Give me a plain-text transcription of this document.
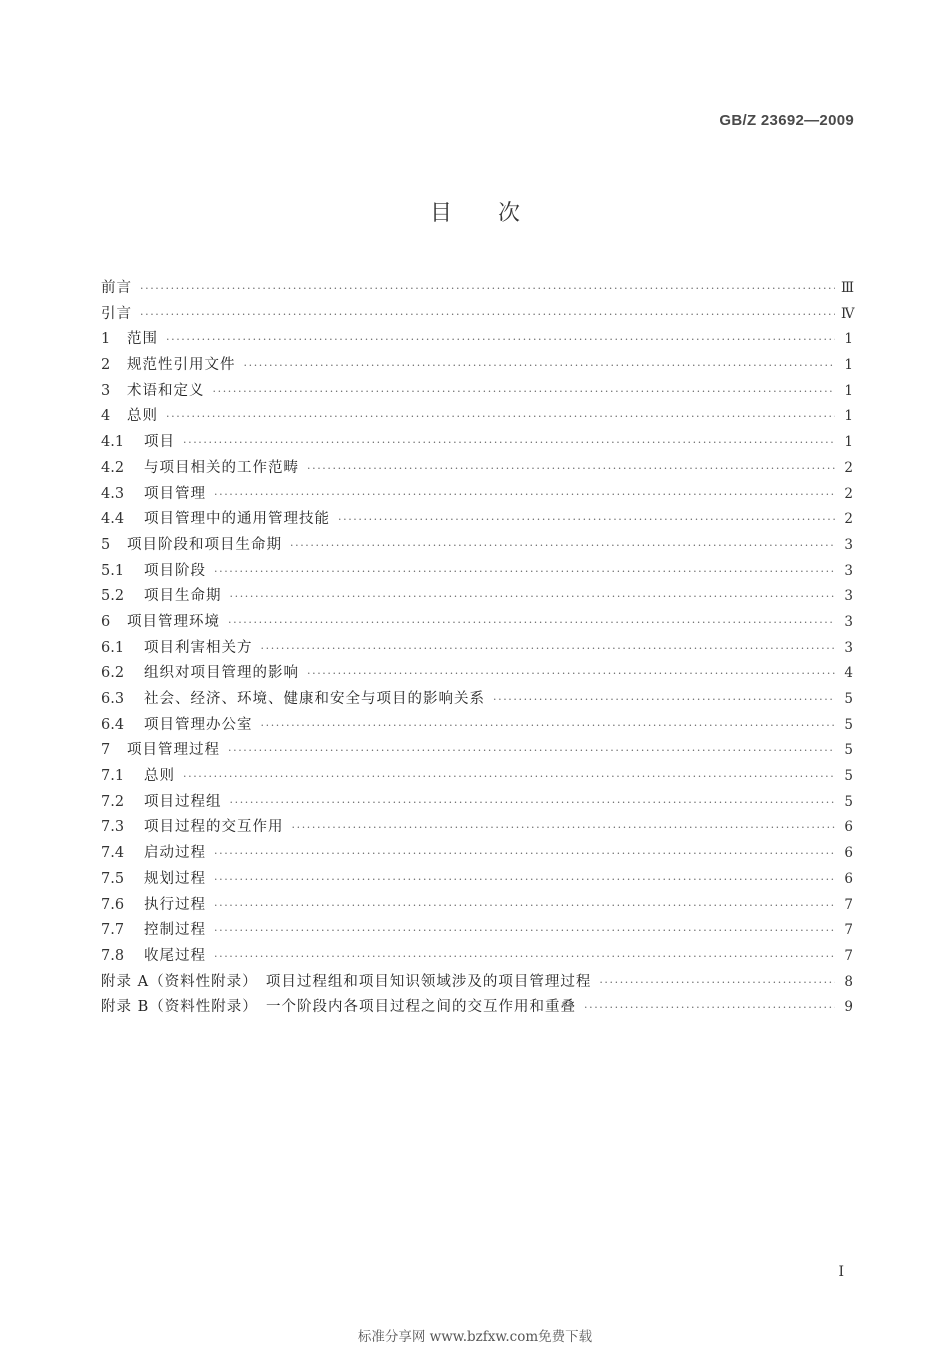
GB/Z 23692—2009
目次
前言 ·····	Ⅲ
引言 ·····	Ⅳ
1	范围 ·····	1
2	规范性引用文件 ·····	1
3	术语和定义 ·····	1
4	总则 ·····	1
4.1	项目 ·····	1
4.2	与项目相关的工作范畴 ·····	2
4.3	项目管理 ·····	2
4.4	项目管理中的通用管理技能 ·····	2
5	项目阶段和项目生命期 ·····	3
5.1	项目阶段 ·····	3
5.2	项目生命期 ·····	3
6	项目管理环境 ·····	3
6.1	项目利害相关方 ·····	3
6.2	组织对项目管理的影响 ·····	4
6.3	社会、经济、环境、健康和安全与项目的影响关系 ·····	5
6.4	项目管理办公室 ·····	5
7	项目管理过程 ·····	5
7.1	总则 ·····	5
7.2	项目过程组 ·····	5
7.3	项目过程的交互作用 ·····	6
7.4	启动过程 ·····	6
7.5	规划过程 ·····	6
7.6	执行过程 ·····	7
7.7	控制过程 ·····	7
7.8	收尾过程 ·····	7
附录 A（资料性附录）　项目过程组和项目知识领域涉及的项目管理过程 ·····	8
附录 B（资料性附录）　一个阶段内各项目过程之间的交互作用和重叠 ·····	9
I
标准分享网 www.bzfxw.com免费下载
